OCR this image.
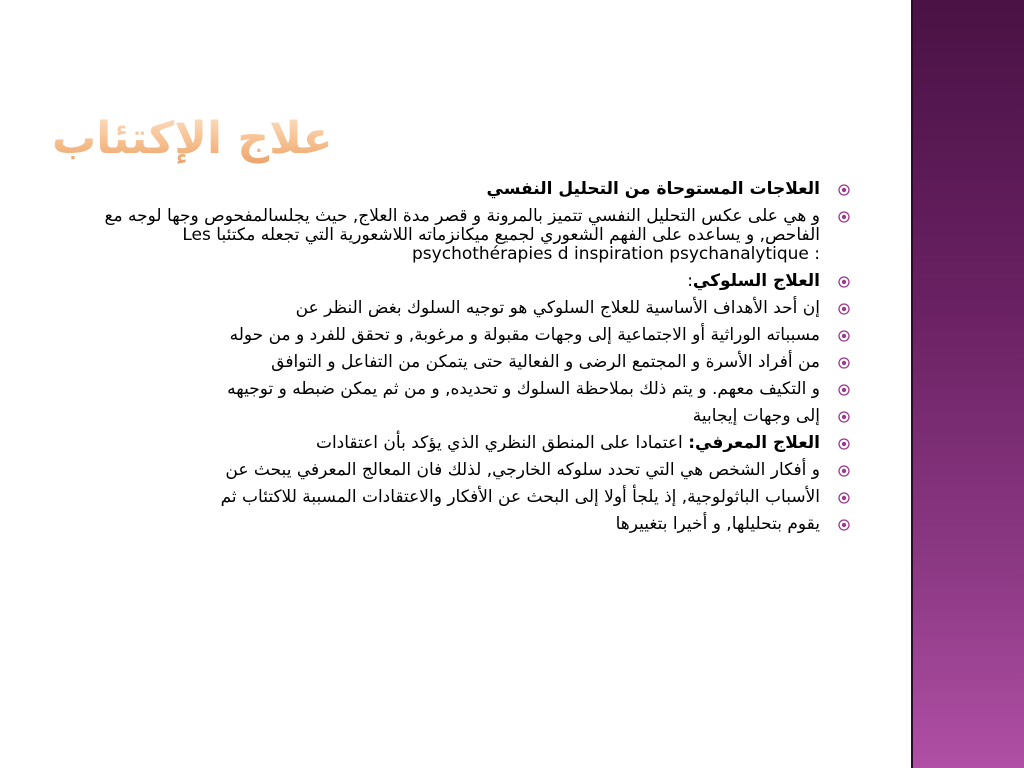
علاج الإكتئاب
العلاجات المستوحاة من التحليل النفسي
و هي على عكس التحليل النفسي تتميز بالمرونة و قصر مدة العلاج, حيث يجلسالمفحوص وجها لوجه مع الفاحص, و يساعده على الفهم الشعوري لجميع ميكانزماته اللاشعورية التي تجعله مكتئبا Les psychothérapies d inspiration psychanalytique :
العلاج السلوكي:
إن أحد الأهداف الأساسية للعلاج السلوكي هو توجيه السلوك بغض النظر عن
مسبباته الوراثية أو الاجتماعية إلى وجهات مقبولة و مرغوبة, و تحقق للفرد و من حوله
من أفراد الأسرة و المجتمع الرضى و الفعالية حتى يتمكن من التفاعل و التوافق
و التكيف معهم. و يتم ذلك بملاحظة السلوك و تحديده, و من ثم يمكن ضبطه و توجيهه
إلى وجهات إيجابية
العلاج المعرفي: اعتمادا على المنطق النظري الذي يؤكد بأن اعتقادات
و أفكار الشخص هي التي تحدد سلوكه الخارجي, لذلك فان المعالج المعرفي يبحث عن
الأسباب الباثولوجية, إذ يلجأ أولا إلى البحث عن الأفكار والاعتقادات المسببة للاكتئاب ثم
يقوم بتحليلها, و أخيرا بتغييرها
